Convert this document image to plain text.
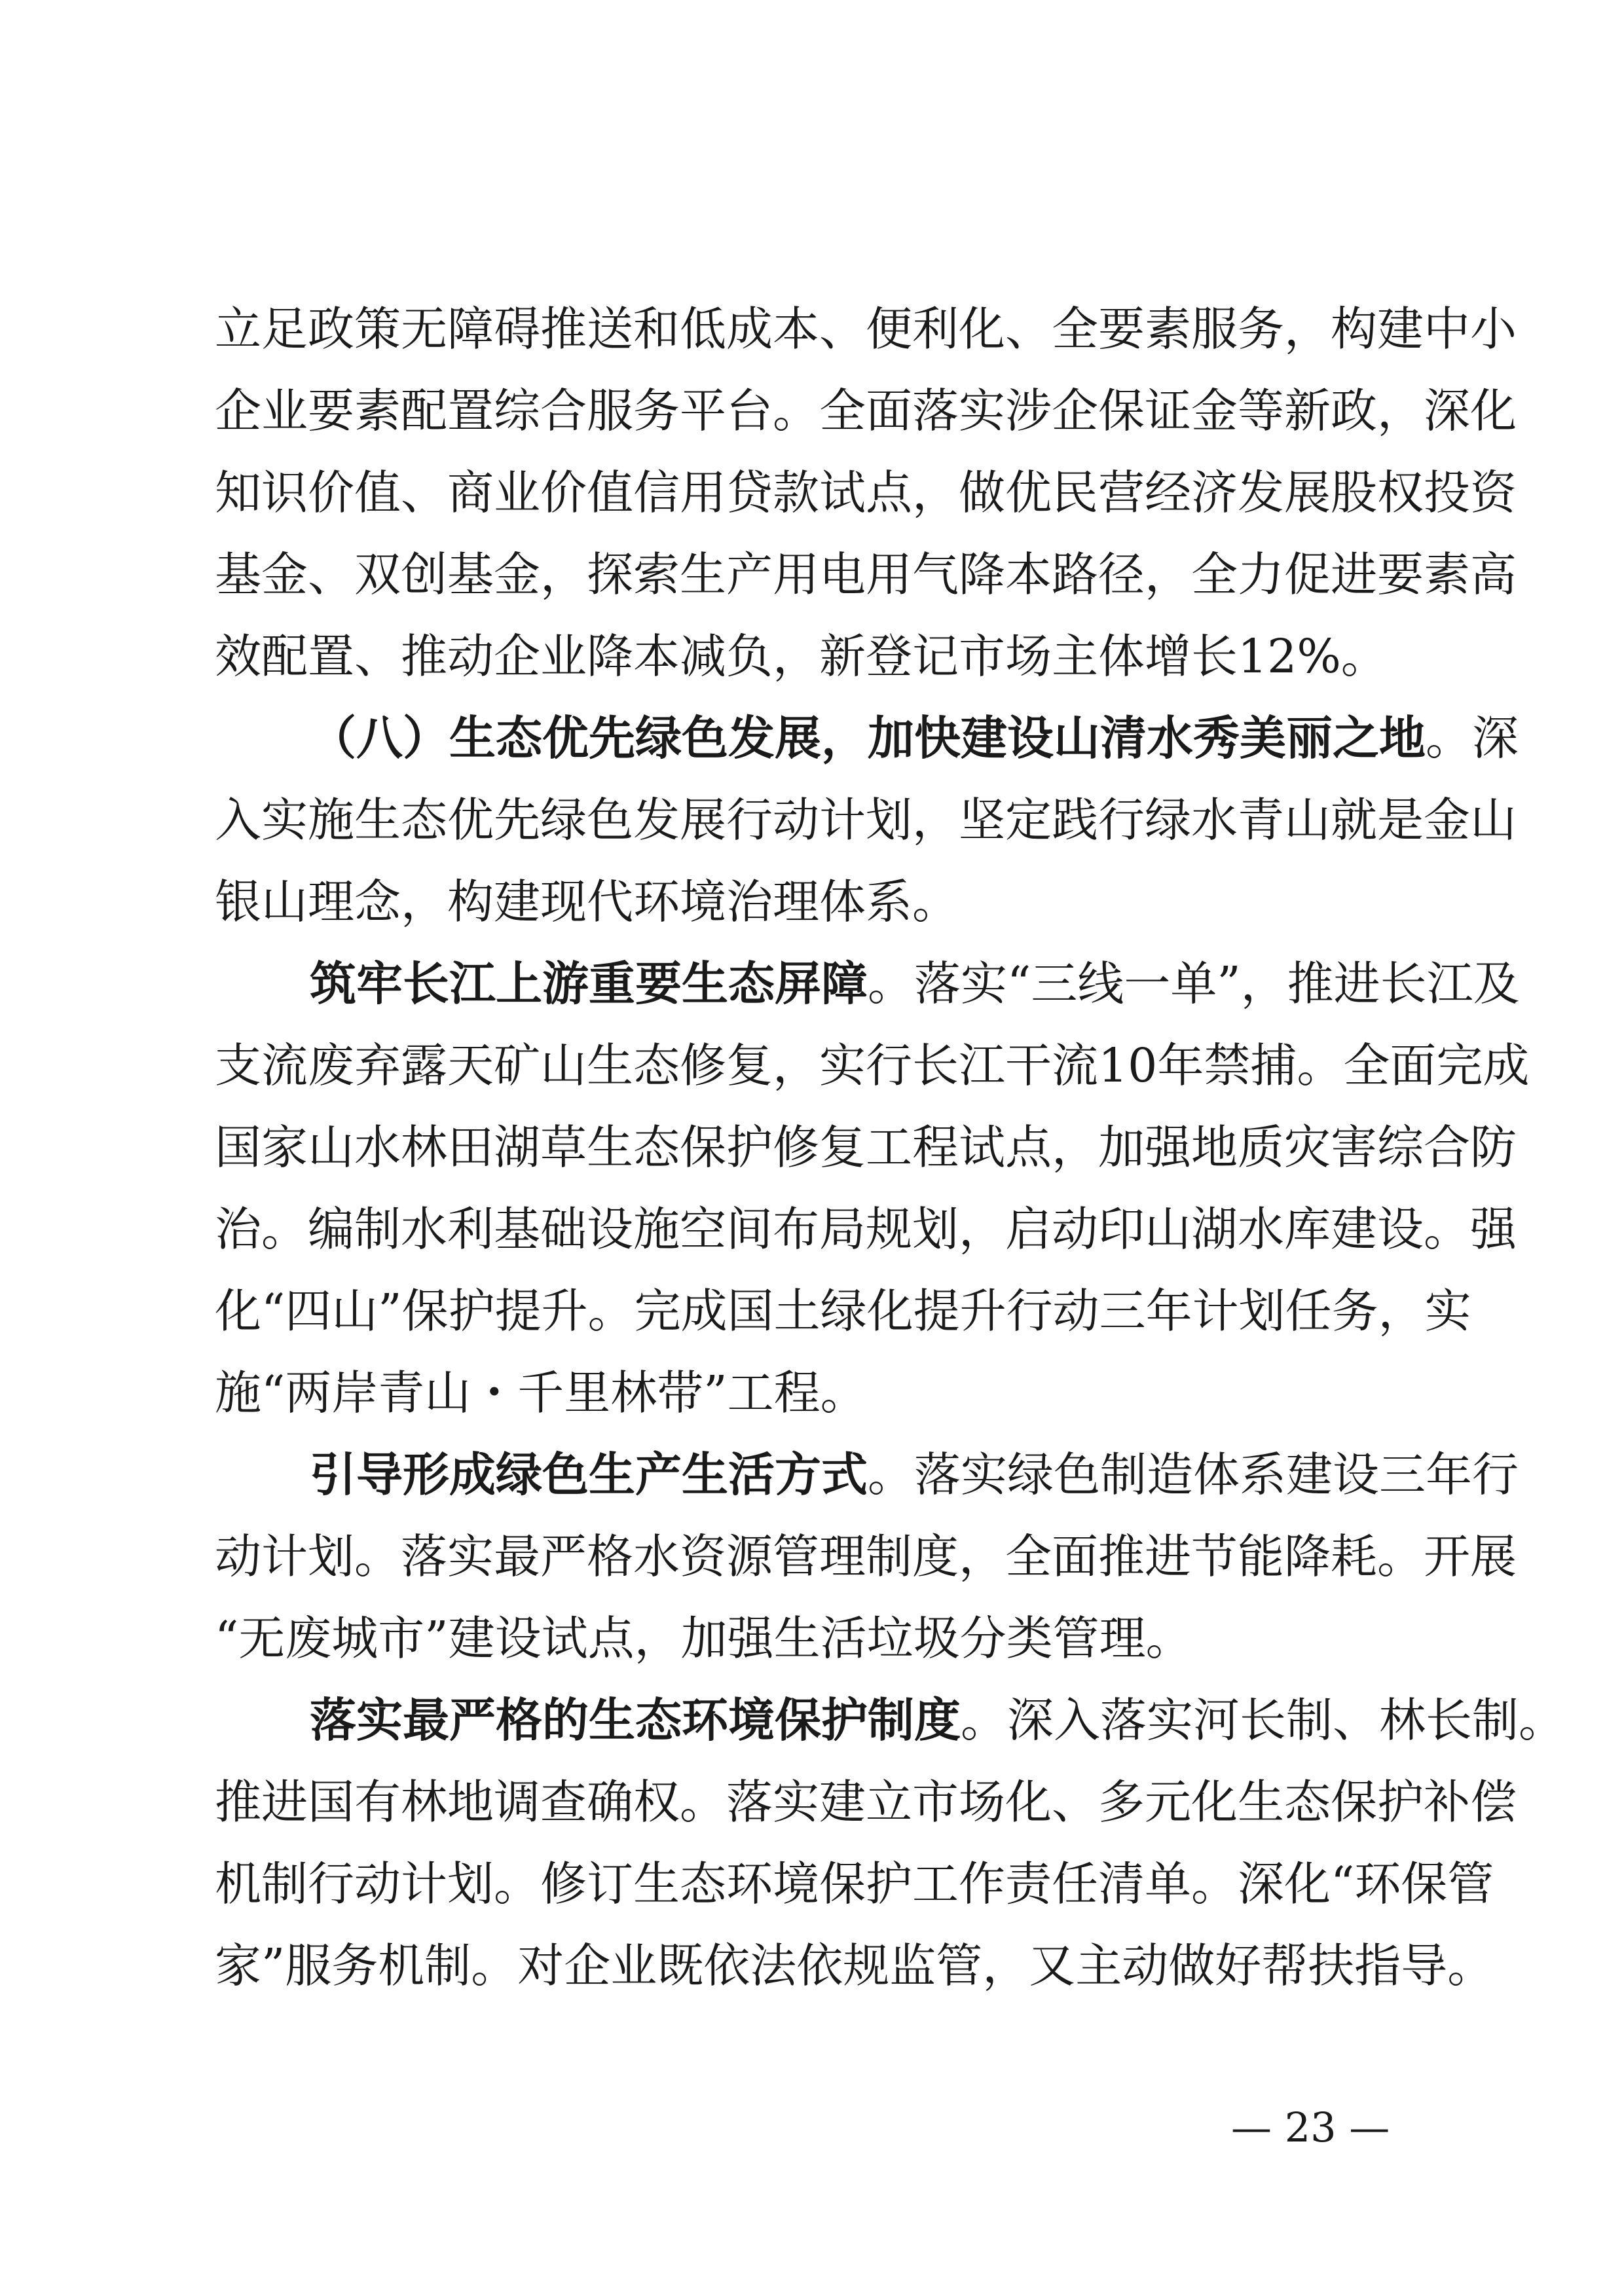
立足政策无障碍推送和低成本、便利化、全要素服务，构建中小
企业要素配置综合服务平台。全面落实涉企保证金等新政，深化
知识价值、商业价值信用贷款试点，做优民营经济发展股权投资
基金、双创基金，探索生产用电用气降本路径，全力促进要素高
效配置、推动企业降本减负，新登记市场主体增长12%。
（八）生态优先绿色发展，加快建设山清水秀美丽之地。深
入实施生态优先绿色发展行动计划，坚定践行绿水青山就是金山
银山理念，构建现代环境治理体系。
筑牢长江上游重要生态屏障。落实“三线一单”，推进长江及
支流废弃露天矿山生态修复，实行长江干流10年禁捕。全面完成
国家山水林田湖草生态保护修复工程试点，加强地质灾害综合防
治。编制水利基础设施空间布局规划，启动印山湖水库建设。强
化“四山”保护提升。完成国土绿化提升行动三年计划任务，实
施“两岸青山・千里林带”工程。
引导形成绿色生产生活方式。落实绿色制造体系建设三年行
动计划。落实最严格水资源管理制度，全面推进节能降耗。开展
“无废城市”建设试点，加强生活垃圾分类管理。
落实最严格的生态环境保护制度。深入落实河长制、林长制。
推进国有林地调查确权。落实建立市场化、多元化生态保护补偿
机制行动计划。修订生态环境保护工作责任清单。深化“环保管
家”服务机制。对企业既依法依规监管，又主动做好帮扶指导。
— 23 —
